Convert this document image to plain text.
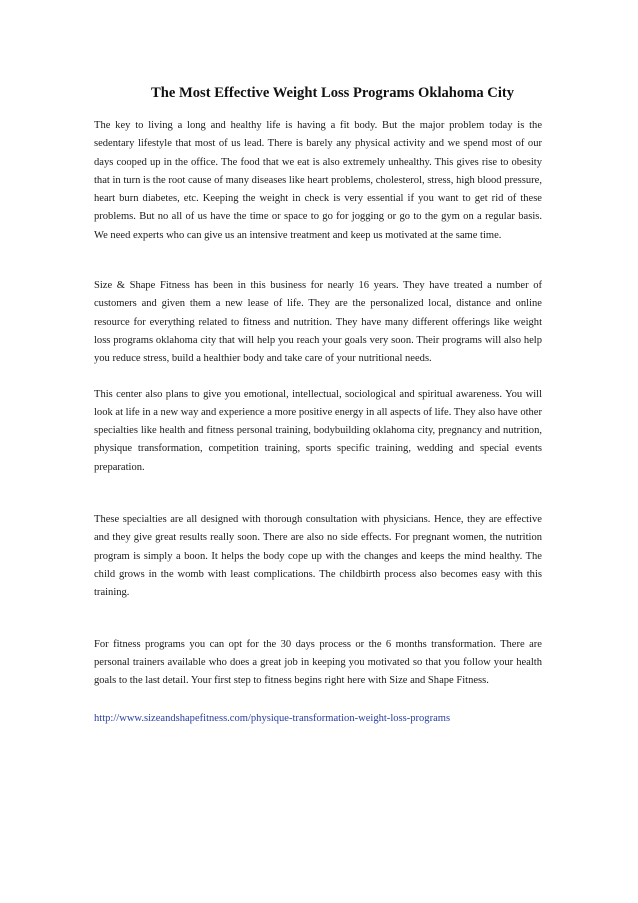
The Most Effective Weight Loss Programs Oklahoma City

The key to living a long and healthy life is having a fit body. But the major problem today is the sedentary lifestyle that most of us lead. There is barely any physical activity and we spend most of our days cooped up in the office. The food that we eat is also extremely unhealthy. This gives rise to obesity that in turn is the root cause of many diseases like heart problems, cholesterol, stress, high blood pressure, heart burn diabetes, etc. Keeping the weight in check is very essential if you want to get rid of these problems. But no all of us have the time or space to go for jogging or go to the gym on a regular basis. We need experts who can give us an intensive treatment and keep us motivated at the same time.

Size & Shape Fitness has been in this business for nearly 16 years. They have treated a number of customers and given them a new lease of life. They are the personalized local, distance and online resource for everything related to fitness and nutrition. They have many different offerings like weight loss programs oklahoma city that will help you reach your goals very soon. Their programs will also help you reduce stress, build a healthier body and take care of your nutritional needs.

This center also plans to give you emotional, intellectual, sociological and spiritual awareness. You will look at life in a new way and experience a more positive energy in all aspects of life. They also have other specialties like health and fitness personal training, bodybuilding oklahoma city, pregnancy and nutrition, physique transformation, competition training, sports specific training, wedding and special events preparation.

These specialties are all designed with thorough consultation with physicians. Hence, they are effective and they give great results really soon. There are also no side effects. For pregnant women, the nutrition program is simply a boon. It helps the body cope up with the changes and keeps the mind healthy. The child grows in the womb with least complications. The childbirth process also becomes easy with this training.

For fitness programs you can opt for the 30 days process or the 6 months transformation. There are personal trainers available who does a great job in keeping you motivated so that you follow your health goals to the last detail. Your first step to fitness begins right here with Size and Shape Fitness.

http://www.sizeandshapefitness.com/physique-transformation-weight-loss-programs
